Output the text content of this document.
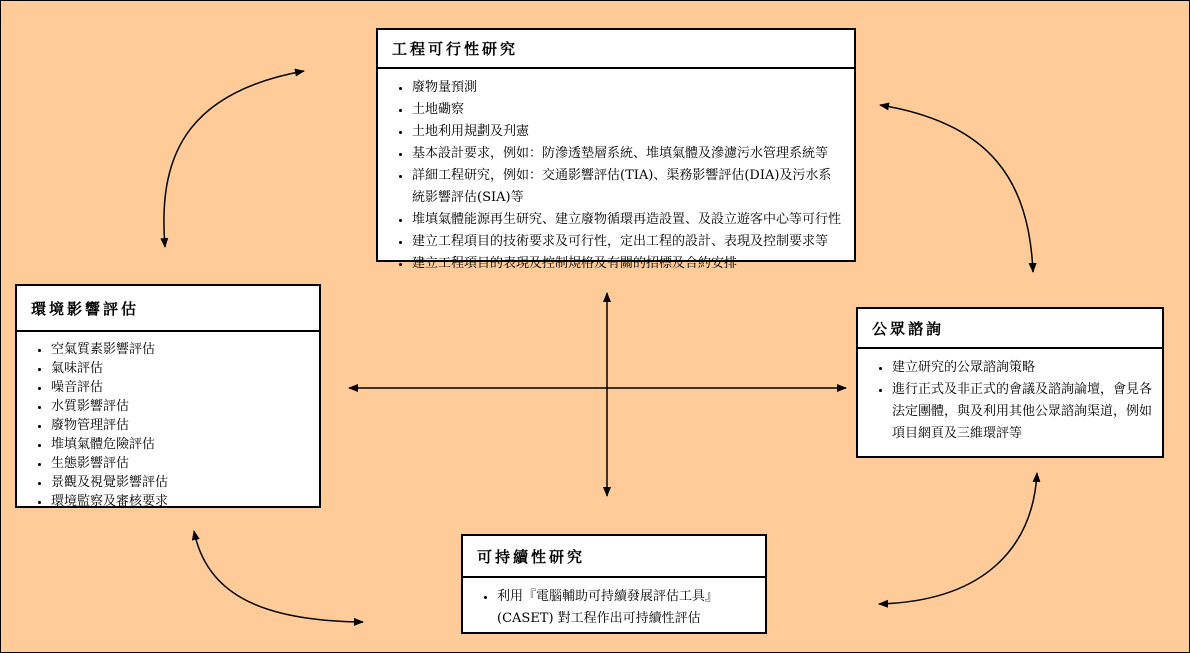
工程可行性研究
• 廢物量預測
• 土地磡察
• 土地利用規劃及刋憲
• 基本設計要求，例如：防滲透墊層系統、堆填氣體及滲濾污水管理系統等
• 詳細工程研究，例如：交通影響評估(TIA)、渠務影響評估(DIA)及污水系統影響評估(SIA)等
• 堆填氣體能源再生研究、建立廢物循環再造設置、及設立遊客中心等可行性
• 建立工程項目的技術要求及可行性，定出工程的設計、表現及控制要求等
• 建立工程項目的表現及控制規格及有關的招標及合約安排
環境影響評估
• 空氣質素影響評估
• 氣味評估
• 噪音評估
• 水質影響評估
• 廢物管理評估
• 堆填氣體危險評估
• 生態影響評估
• 景觀及視覺影響評估
• 環境監察及審核要求
公眾諮詢
• 建立研究的公眾諮詢策略
• 進行正式及非正式的會議及諮詢論壇，會見各法定團體，與及利用其他公眾諮詢渠道，例如項目網頁及三維環評等
可持續性研究
• 利用『電腦輔助可持續發展評估工具』(CASET) 對工程作出可持續性評估
